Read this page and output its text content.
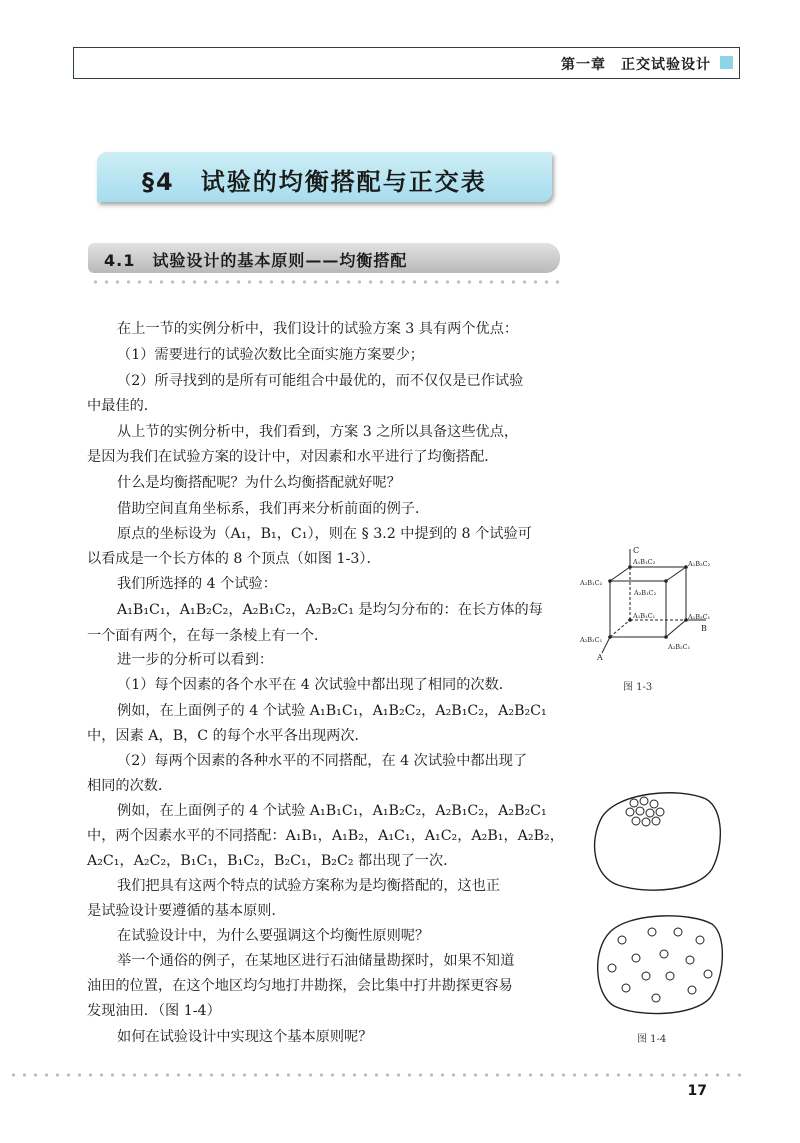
第一章　正交试验设计
§4　试验的均衡搭配与正交表
4.1　试验设计的基本原则——均衡搭配
在上一节的实例分析中，我们设计的试验方案 3 具有两个优点：
（1）需要进行的试验次数比全面实施方案要少；
（2）所寻找到的是所有可能组合中最优的，而不仅仅是已作试验
中最佳的．
从上节的实例分析中，我们看到，方案 3 之所以具备这些优点，
是因为我们在试验方案的设计中，对因素和水平进行了均衡搭配．
什么是均衡搭配呢？为什么均衡搭配就好呢？
借助空间直角坐标系，我们再来分析前面的例子．
原点的坐标设为（A₁，B₁，C₁），则在 § 3.2 中提到的 8 个试验可
以看成是一个长方体的 8 个顶点（如图 1-3）．
我们所选择的 4 个试验：
A₁B₁C₁，A₁B₂C₂，A₂B₁C₂，A₂B₂C₁ 是均匀分布的：在长方体的每
一个面有两个，在每一条棱上有一个．
进一步的分析可以看到：
（1）每个因素的各个水平在 4 次试验中都出现了相同的次数．
例如，在上面例子的 4 个试验 A₁B₁C₁，A₁B₂C₂，A₂B₁C₂，A₂B₂C₁
中，因素 A，B，C 的每个水平各出现两次．
（2）每两个因素的各种水平的不同搭配，在 4 次试验中都出现了
相同的次数．
例如，在上面例子的 4 个试验 A₁B₁C₁，A₁B₂C₂，A₂B₁C₂，A₂B₂C₁
中，两个因素水平的不同搭配：A₁B₁，A₁B₂，A₁C₁，A₁C₂，A₂B₁，A₂B₂，
A₂C₁，A₂C₂，B₁C₁，B₁C₂，B₂C₁，B₂C₂ 都出现了一次．
我们把具有这两个特点的试验方案称为是均衡搭配的，这也正
是试验设计要遵循的基本原则．
在试验设计中，为什么要强调这个均衡性原则呢？
举一个通俗的例子，在某地区进行石油储量勘探时，如果不知道
油田的位置，在这个地区均匀地打井勘探，会比集中打井勘探更容易
发现油田．（图 1-4）
如何在试验设计中实现这个基本原则呢？
C
B
A
A₁B₁C₂	A₁B₂C₂
A₂B₁C₂
A₂B₁C₂
A₁B₁C₁	A₁B₂C₁
A₂B₁C₁
A₂B₂C₁
图 1-3
图 1-4
17
